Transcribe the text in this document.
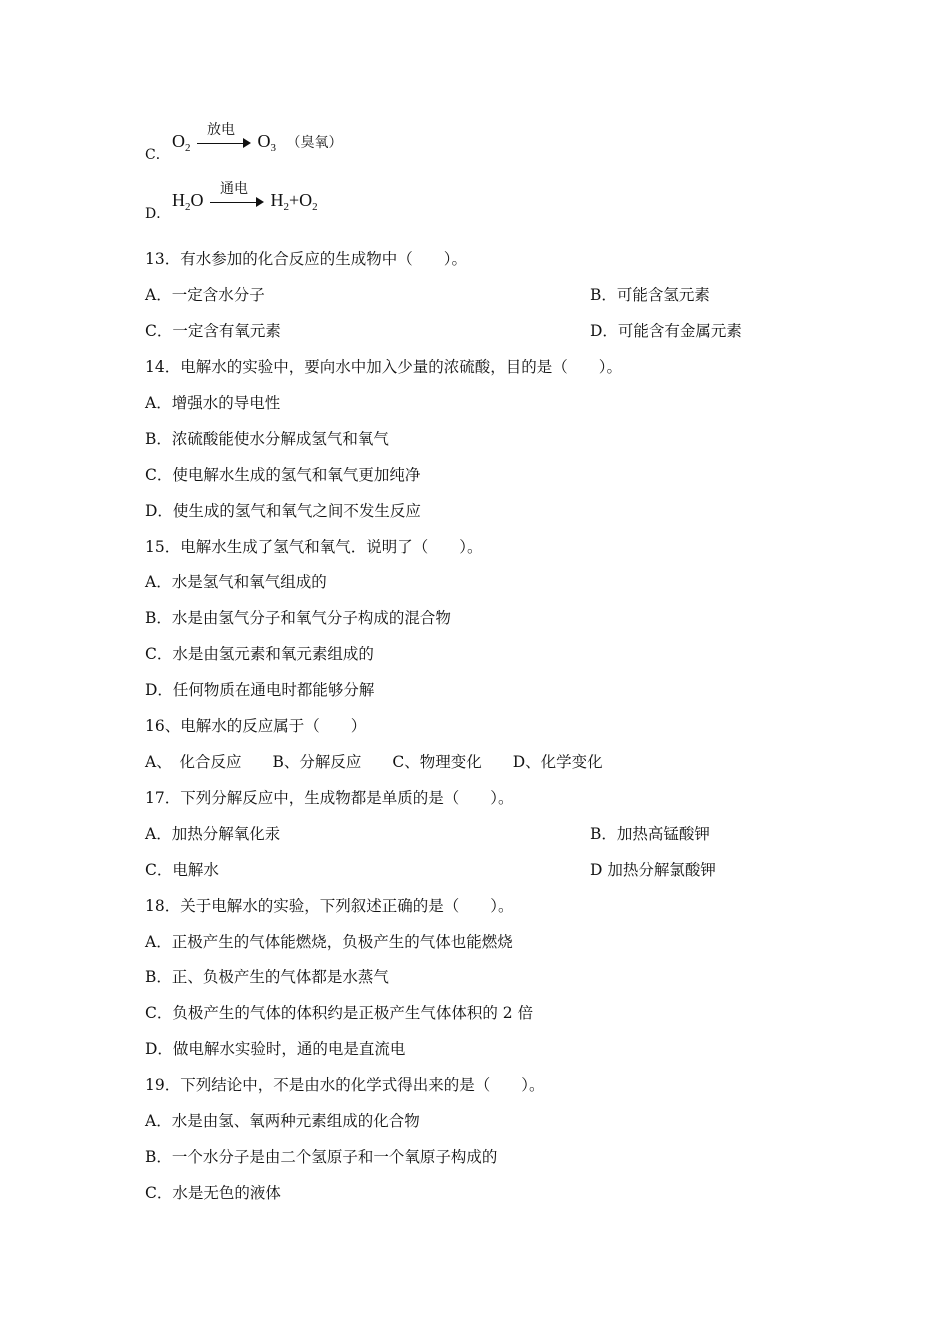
C．
$O_2$
放电
$O_3$ （臭氧）
D．
$H_2O$
通电
$H_2+O_2$
13．有水参加的化合反应的生成物中（　　）。
A．一定含水分子	B．可能含氢元素
C．一定含有氧元素	D．可能含有金属元素
14．电解水的实验中，要向水中加入少量的浓硫酸，目的是（　　）。
A．增强水的导电性
B．浓硫酸能使水分解成氢气和氧气
C．使电解水生成的氢气和氧气更加纯净
D．使生成的氢气和氧气之间不发生反应
15．电解水生成了氢气和氧气．说明了（　　）。
A．水是氢气和氧气组成的
B．水是由氢气分子和氧气分子构成的混合物
C．水是由氢元素和氧元素组成的
D．任何物质在通电时都能够分解
16、电解水的反应属于（　　）
A、　化合反应　　B、分解反应　　C、物理变化　　D、化学变化
17．下列分解反应中，生成物都是单质的是（　　）。
A．加热分解氧化汞	B．加热高锰酸钾
C．电解水	D 加热分解氯酸钾
18．关于电解水的实验，下列叙述正确的是（　　）。
A．正极产生的气体能燃烧，负极产生的气体也能燃烧
B．正、负极产生的气体都是水蒸气
C．负极产生的气体的体积约是正极产生气体体积的 2 倍
D．做电解水实验时，通的电是直流电
19．下列结论中，不是由水的化学式得出来的是（　　）。
A．水是由氢、氧两种元素组成的化合物
B．一个水分子是由二个氢原子和一个氧原子构成的
C．水是无色的液体
